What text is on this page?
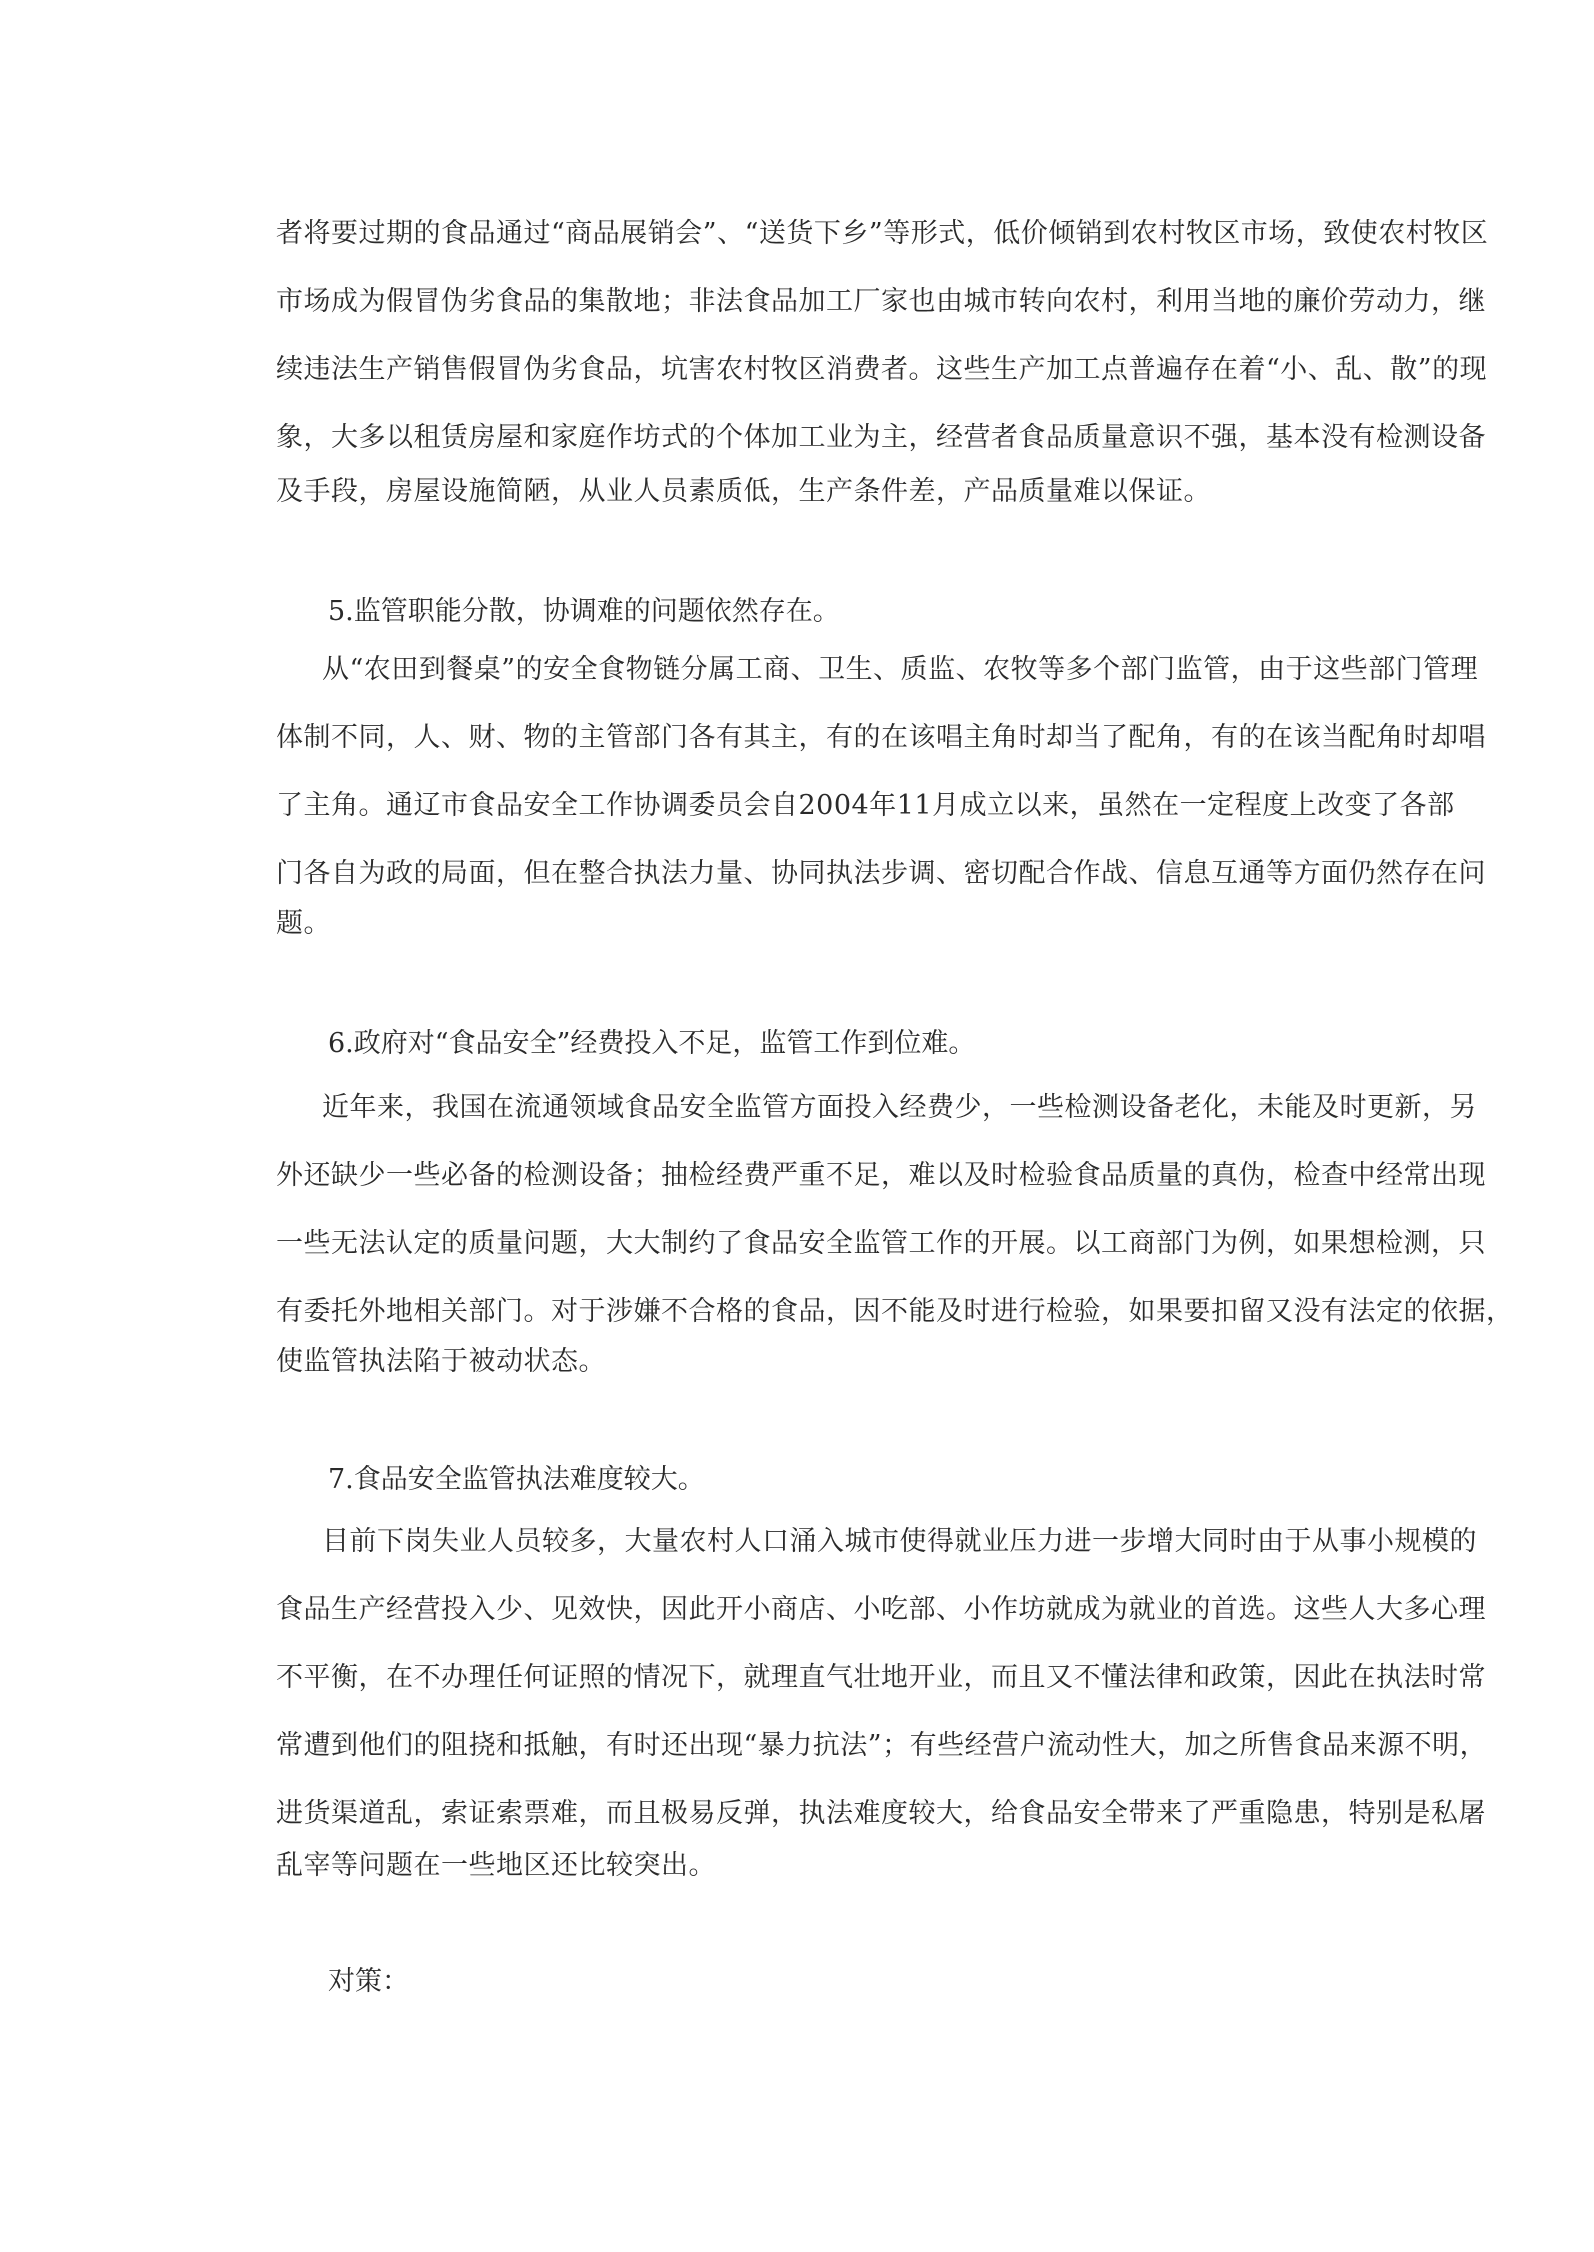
者将要过期的食品通过“商品展销会”、“送货下乡”等形式，低价倾销到农村牧区市场，致使农村牧区
市场成为假冒伪劣食品的集散地；非法食品加工厂家也由城市转向农村，利用当地的廉价劳动力，继
续违法生产销售假冒伪劣食品，坑害农村牧区消费者。这些生产加工点普遍存在着“小、乱、散”的现
象，大多以租赁房屋和家庭作坊式的个体加工业为主，经营者食品质量意识不强，基本没有检测设备
及手段，房屋设施简陋，从业人员素质低，生产条件差，产品质量难以保证。
5.监管职能分散，协调难的问题依然存在。
从“农田到餐桌”的安全食物链分属工商、卫生、质监、农牧等多个部门监管，由于这些部门管理
体制不同，人、财、物的主管部门各有其主，有的在该唱主角时却当了配角，有的在该当配角时却唱
了主角。通辽市食品安全工作协调委员会自2004年11月成立以来，虽然在一定程度上改变了各部
门各自为政的局面，但在整合执法力量、协同执法步调、密切配合作战、信息互通等方面仍然存在问
题。
6.政府对“食品安全”经费投入不足，监管工作到位难。
近年来，我国在流通领域食品安全监管方面投入经费少，一些检测设备老化，未能及时更新，另
外还缺少一些必备的检测设备；抽检经费严重不足，难以及时检验食品质量的真伪，检查中经常出现
一些无法认定的质量问题，大大制约了食品安全监管工作的开展。以工商部门为例，如果想检测，只
有委托外地相关部门。对于涉嫌不合格的食品，因不能及时进行检验，如果要扣留又没有法定的依据，
使监管执法陷于被动状态。
7.食品安全监管执法难度较大。
目前下岗失业人员较多，大量农村人口涌入城市使得就业压力进一步增大同时由于从事小规模的
食品生产经营投入少、见效快，因此开小商店、小吃部、小作坊就成为就业的首选。这些人大多心理
不平衡，在不办理任何证照的情况下，就理直气壮地开业，而且又不懂法律和政策，因此在执法时常
常遭到他们的阻挠和抵触，有时还出现“暴力抗法”；有些经营户流动性大，加之所售食品来源不明，
进货渠道乱，索证索票难，而且极易反弹，执法难度较大，给食品安全带来了严重隐患，特别是私屠
乱宰等问题在一些地区还比较突出。
对策：
